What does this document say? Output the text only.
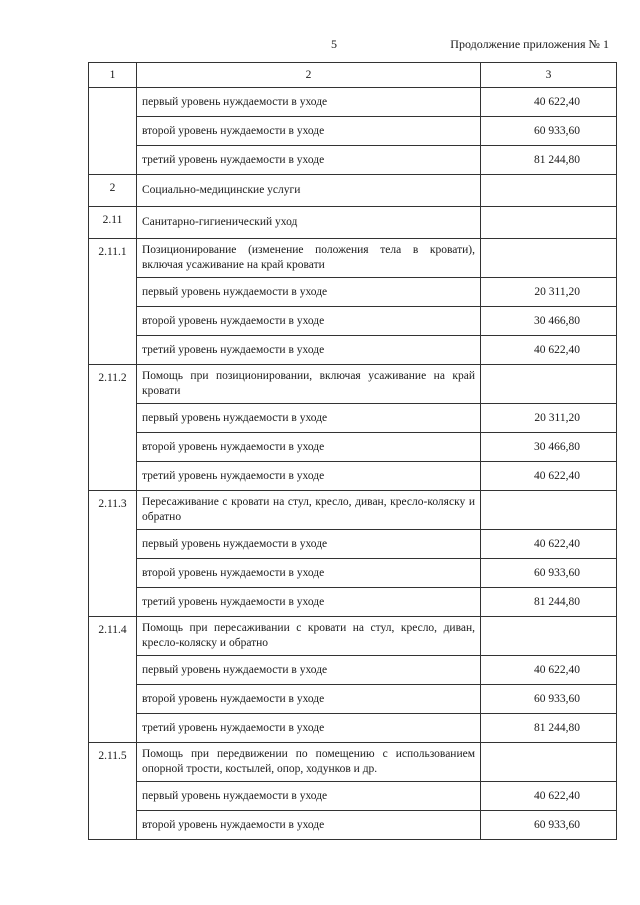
5	Продолжение приложения № 1
1	2	3
	первый уровень нуждаемости в уходе	40 622,40
	второй уровень нуждаемости в уходе	60 933,60
	третий уровень нуждаемости в уходе	81 244,80
2	Социально-медицинские услуги	
2.11	Санитарно-гигиенический уход	
2.11.1	Позиционирование (изменение положения тела в кровати), включая усаживание на край кровати	
	первый уровень нуждаемости в уходе	20 311,20
	второй уровень нуждаемости в уходе	30 466,80
	третий уровень нуждаемости в уходе	40 622,40
2.11.2	Помощь при позиционировании, включая усаживание на край кровати	
	первый уровень нуждаемости в уходе	20 311,20
	второй уровень нуждаемости в уходе	30 466,80
	третий уровень нуждаемости в уходе	40 622,40
2.11.3	Пересаживание с кровати на стул, кресло, диван, кресло-коляску и обратно	
	первый уровень нуждаемости в уходе	40 622,40
	второй уровень нуждаемости в уходе	60 933,60
	третий уровень нуждаемости в уходе	81 244,80
2.11.4	Помощь при пересаживании с кровати на стул, кресло, диван, кресло-коляску и обратно	
	первый уровень нуждаемости в уходе	40 622,40
	второй уровень нуждаемости в уходе	60 933,60
	третий уровень нуждаемости в уходе	81 244,80
2.11.5	Помощь при передвижении по помещению с использованием опорной трости, костылей, опор, ходунков и др.	
	первый уровень нуждаемости в уходе	40 622,40
	второй уровень нуждаемости в уходе	60 933,60
